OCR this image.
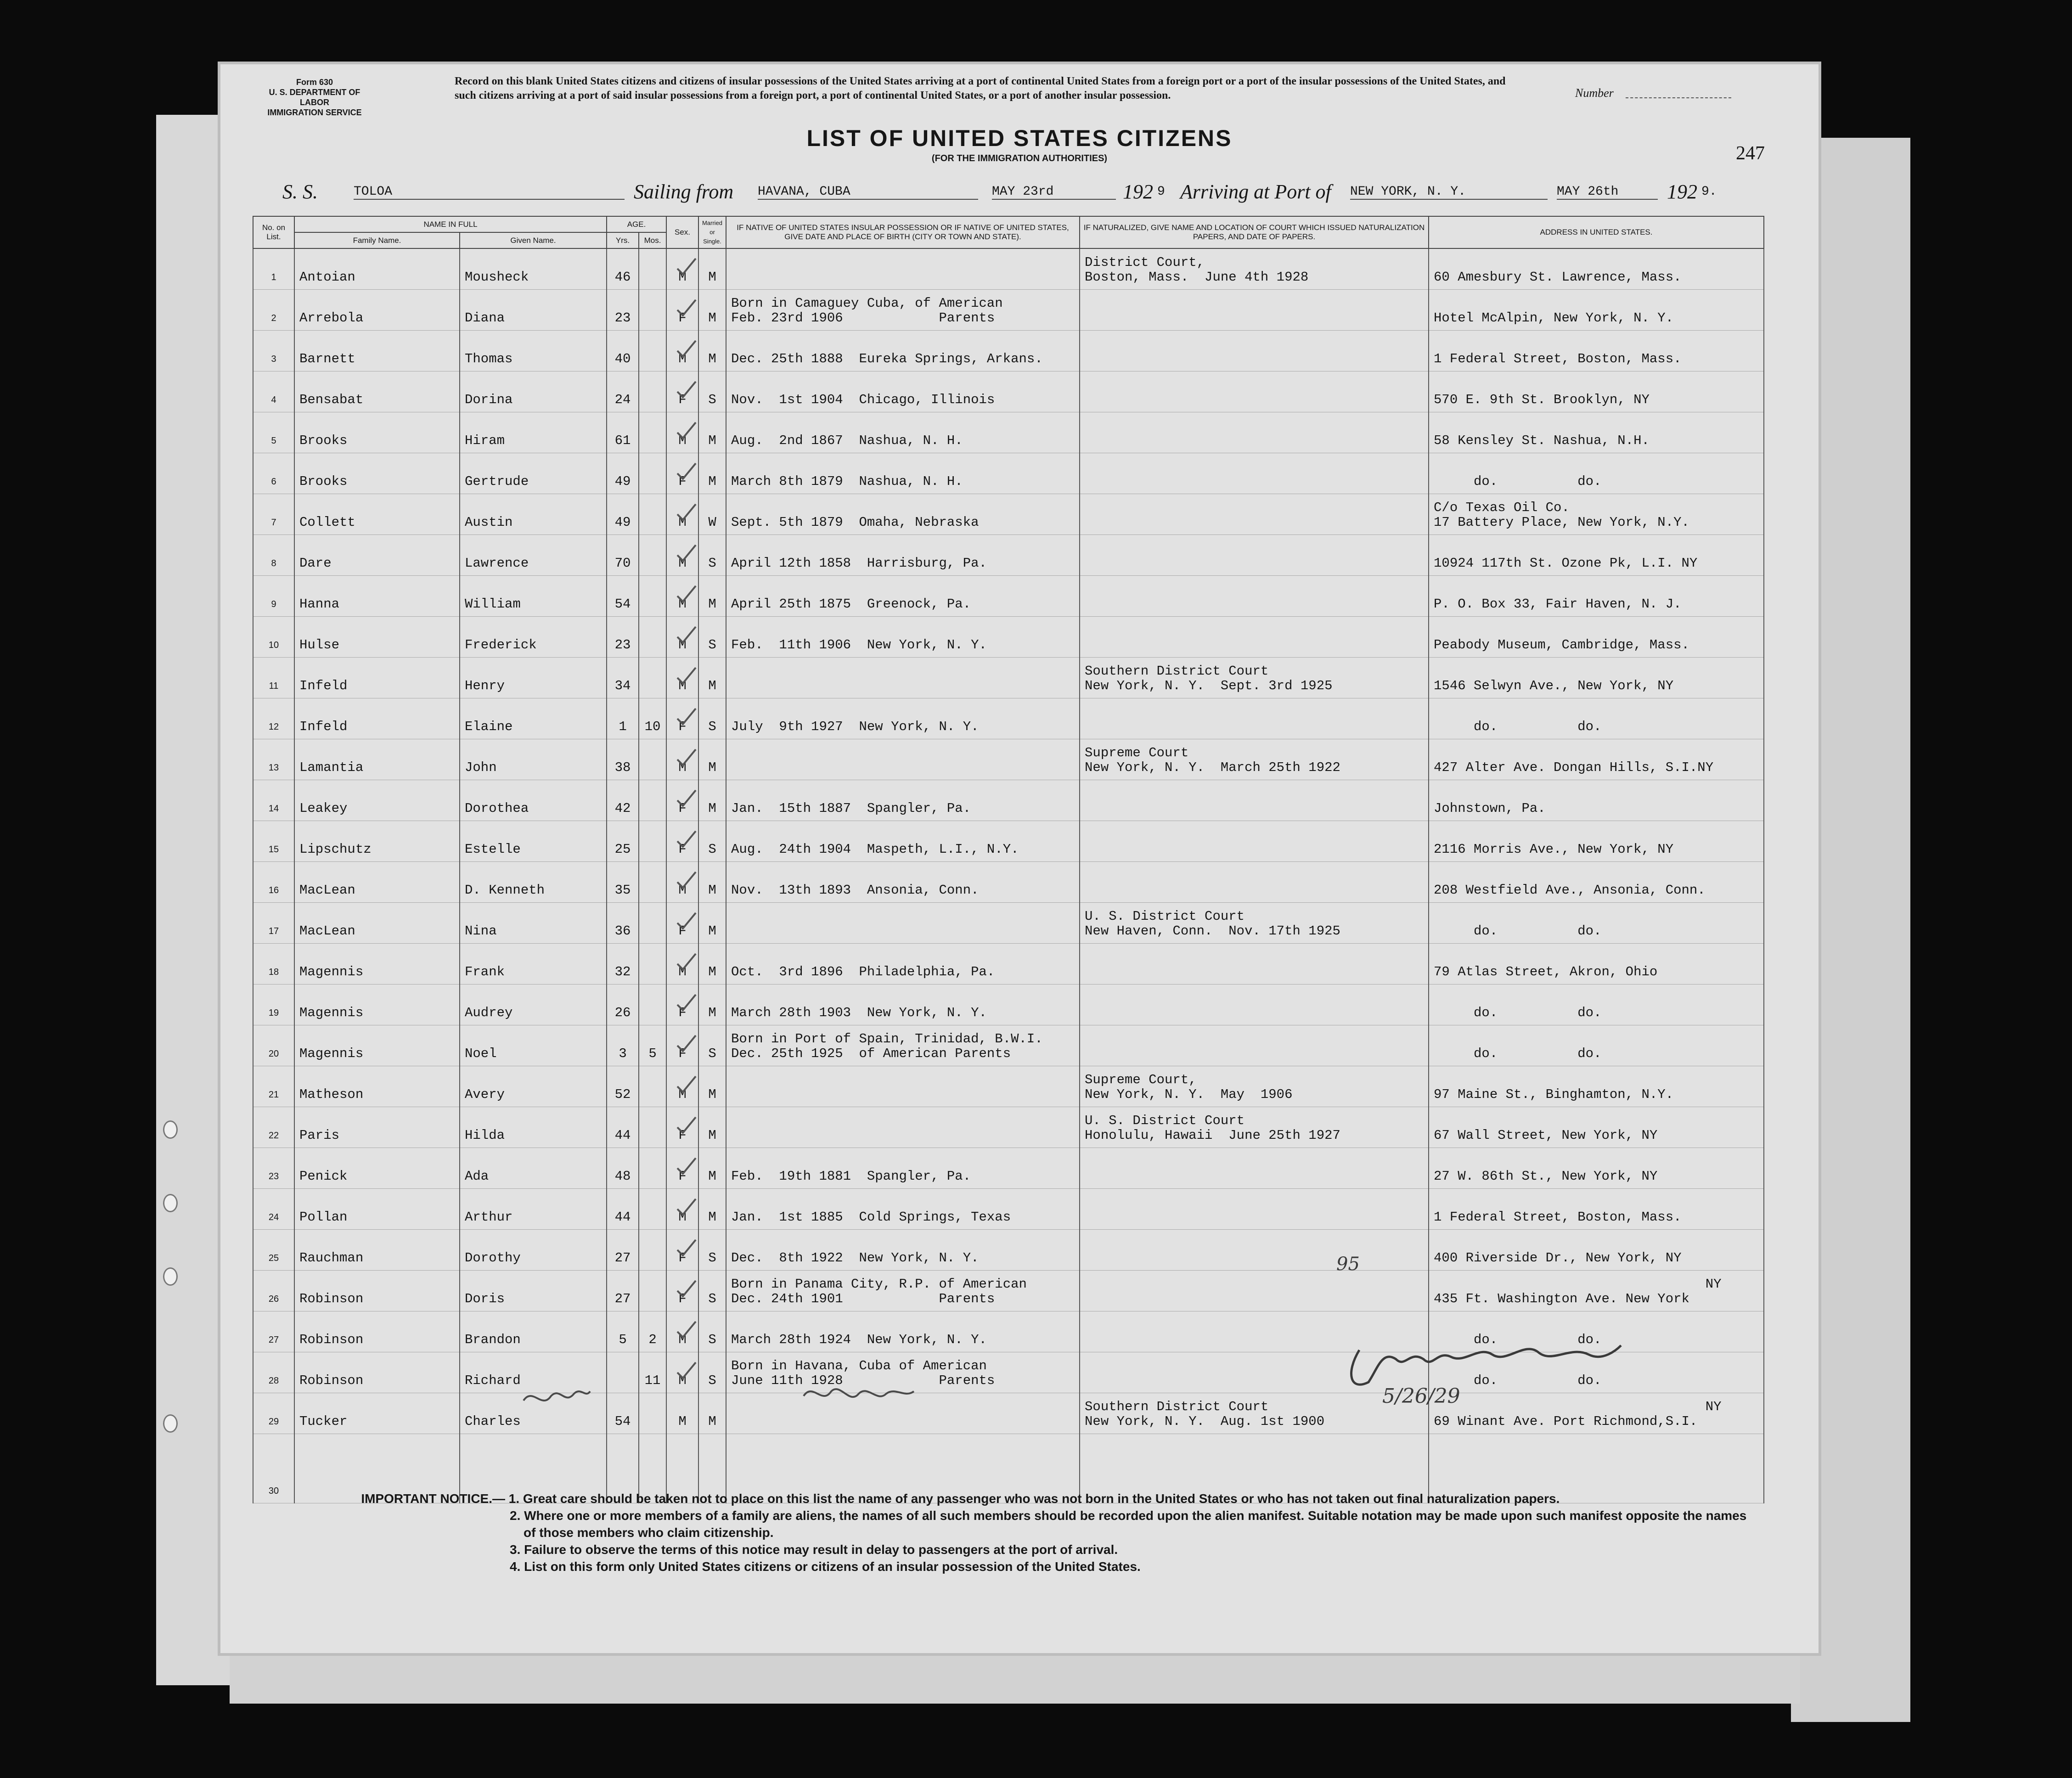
Form 630
U. S. DEPARTMENT OF LABOR
IMMIGRATION SERVICE
Record on this blank United States citizens and citizens of insular possessions of the United States arriving at a port of continental United States from a foreign port or a port of the insular possessions of the United States, and such citizens arriving at a port of said insular possessions from a foreign port, a port of continental United States, or a port of another insular possession.	Number
LIST OF UNITED STATES CITIZENS
(FOR THE IMMIGRATION AUTHORITIES)	247
S. S.	TOLOA	Sailing from HAVANA, CUBA	MAY 23rd	192 9 Arriving at Port of NEW YORK, N. Y.	MAY 26th	192 9.
No. on List.	NAME IN FULL		AGE.		Sex.	Married or Single.	IF NATIVE OF UNITED STATES INSULAR POSSESSION OR IF NATIVE OF UNITED STATES, GIVE DATE AND PLACE OF BIRTH (CITY OR TOWN AND STATE).	IF NATURALIZED, GIVE NAME AND LOCATION OF COURT WHICH ISSUED NATURALIZATION PAPERS, AND DATE OF PAPERS.	ADDRESS IN UNITED STATES.
	Family Name.	Given Name.	Yrs.	Mos.					
1	Antoian	Mousheck	46		M	M		District Court,
Boston, Mass.  June 4th 1928	60 Amesbury St. Lawrence, Mass.
2	Arrebola	Diana	23		F	M	Born in Camaguey Cuba, of American
Feb. 23rd 1906            Parents		Hotel McAlpin, New York, N. Y.
3	Barnett	Thomas	40		M	M	Dec. 25th 1888  Eureka Springs, Arkans.		1 Federal Street, Boston, Mass.
4	Bensabat	Dorina	24		F	S	Nov.  1st 1904  Chicago, Illinois		570 E. 9th St. Brooklyn, NY
5	Brooks	Hiram	61		M	M	Aug.  2nd 1867  Nashua, N. H.		58 Kensley St. Nashua, N.H.
6	Brooks	Gertrude	49		F	M	March 8th 1879  Nashua, N. H.		do.          do.
7	Collett	Austin	49		M	W	Sept. 5th 1879  Omaha, Nebraska		C/o Texas Oil Co.
17 Battery Place, New York, N.Y.
8	Dare	Lawrence	70		M	S	April 12th 1858  Harrisburg, Pa.		10924 117th St. Ozone Pk, L.I. NY
9	Hanna	William	54		M	M	April 25th 1875  Greenock, Pa.		P. O. Box 33, Fair Haven, N. J.
10	Hulse	Frederick	23		M	S	Feb.  11th 1906  New York, N. Y.		Peabody Museum, Cambridge, Mass.
11	Infeld	Henry	34		M	M		Southern District Court
New York, N. Y.  Sept. 3rd 1925	1546 Selwyn Ave., New York, NY
12	Infeld	Elaine	1	10	F	S	July  9th 1927  New York, N. Y.		do.          do.
13	Lamantia	John	38		M	M		Supreme Court
New York, N. Y.  March 25th 1922	427 Alter Ave. Dongan Hills, S.I.NY
14	Leakey	Dorothea	42		F	M	Jan.  15th 1887  Spangler, Pa.		Johnstown, Pa.
15	Lipschutz	Estelle	25		F	S	Aug.  24th 1904  Maspeth, L.I., N.Y.		2116 Morris Ave., New York, NY
16	MacLean	D. Kenneth	35		M	M	Nov.  13th 1893  Ansonia, Conn.		208 Westfield Ave., Ansonia, Conn.
17	MacLean	Nina	36		F	M		U. S. District Court
New Haven, Conn.  Nov. 17th 1925	do.          do.
18	Magennis	Frank	32		M	M	Oct.  3rd 1896  Philadelphia, Pa.		79 Atlas Street, Akron, Ohio
19	Magennis	Audrey	26		F	M	March 28th 1903  New York, N. Y.		do.          do.
20	Magennis	Noel	3	5	F	S	Born in Port of Spain, Trinidad, B.W.I.
Dec. 25th 1925  of American Parents		do.          do.
21	Matheson	Avery	52		M	M		Supreme Court,
New York, N. Y.  May  1906	97 Maine St., Binghamton, N.Y.
22	Paris	Hilda	44		F	M		U. S. District Court
Honolulu, Hawaii  June 25th 1927	67 Wall Street, New York, NY
23	Penick	Ada	48		F	M	Feb.  19th 1881  Spangler, Pa.		27 W. 86th St., New York, NY
24	Pollan	Arthur	44		M	M	Jan.  1st 1885  Cold Springs, Texas		1 Federal Street, Boston, Mass.
25	Rauchman	Dorothy	27		F	S	Dec.  8th 1922  New York, N. Y.		400 Riverside Dr., New York, NY
26	Robinson	Doris	27		F	S	Born in Panama City, R.P. of American
Dec. 24th 1901            Parents		NY
435 Ft. Washington Ave. New York
27	Robinson	Brandon	5	2	M	S	March 28th 1924  New York, N. Y.		do.          do.
28	Robinson	Richard		11	M	S	Born in Havana, Cuba of American
June 11th 1928            Parents		do.          do.
29	Tucker	Charles	54		M	M		Southern District Court
New York, N. Y.  Aug. 1st 1900	NY
69 Winant Ave. Port Richmond,S.I.
30									
95
5/26/29
IMPORTANT NOTICE.— 1. Great care should be taken not to place on this list the name of any passenger who was not born in the United States or who has not taken out final naturalization papers.
2. Where one or more members of a family are aliens, the names of all such members should be recorded upon the alien manifest. Suitable notation may be made upon such manifest opposite the names of those members who claim citizenship.
3. Failure to observe the terms of this notice may result in delay to passengers at the port of arrival.
4. List on this form only United States citizens or citizens of an insular possession of the United States.
